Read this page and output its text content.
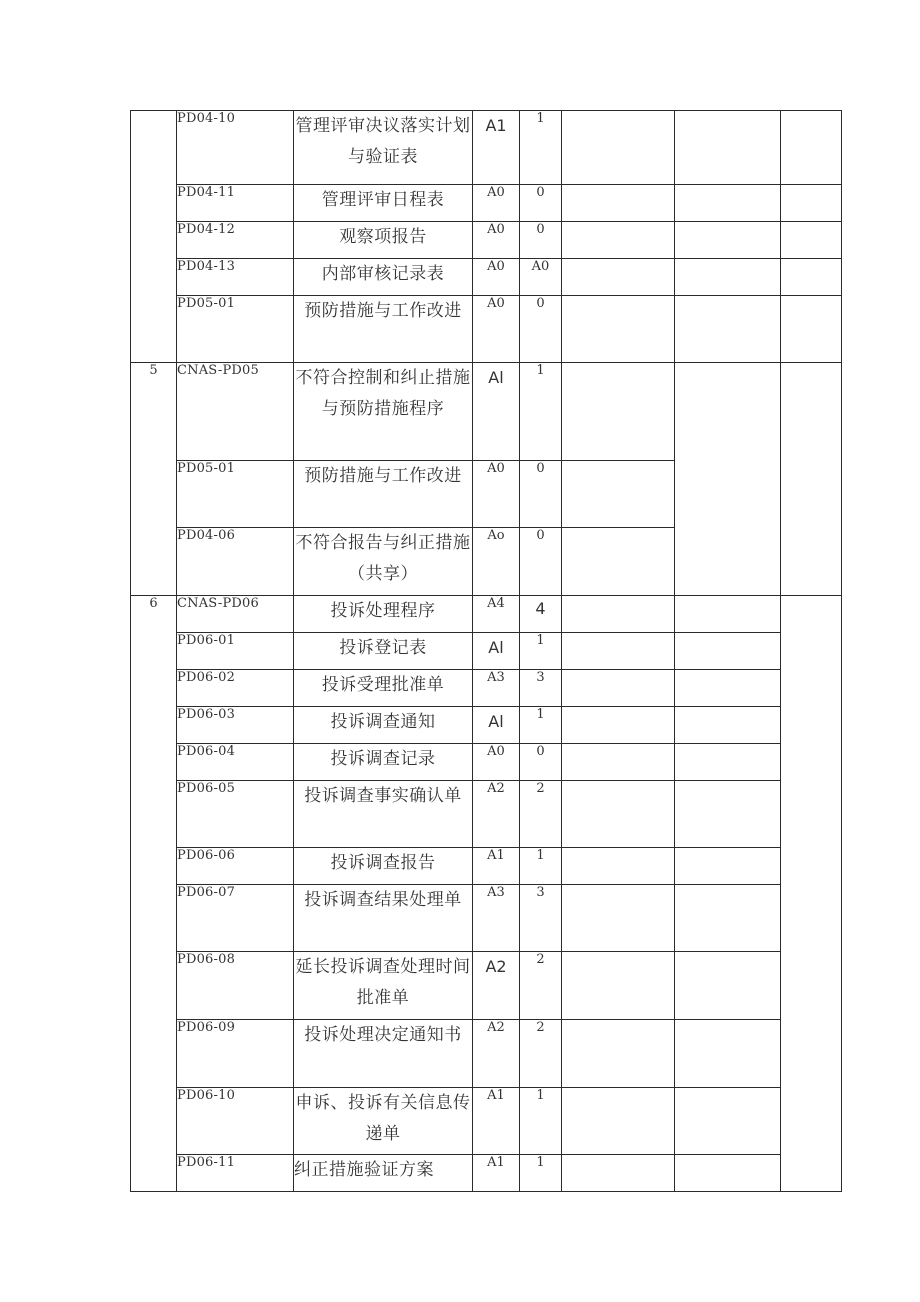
	PD04-10	管理评审决议落实计划与验证表	A1	1			
	PD04-11	管理评审日程表	A0	0			
	PD04-12	观察项报告	A0	0			
	PD04-13	内部审核记录表	A0	A0			
	PD05-01	预防措施与工作改进	A0	0			
5	CNAS-PD05	不符合控制和纠止措施与预防措施程序	Al	1			
	PD05-01	预防措施与工作改进	A0	0			
	PD04-06	不符合报告与纠正措施（共享）	Ao	0			
6	CNAS-PD06	投诉处理程序	A4	4			
	PD06-01	投诉登记表	Al	1			
	PD06-02	投诉受理批准单	A3	3			
	PD06-03	投诉调查通知	Al	1			
	PD06-04	投诉调查记录	A0	0			
	PD06-05	投诉调查事实确认单	A2	2			
	PD06-06	投诉调查报告	A1	1			
	PD06-07	投诉调查结果处理单	A3	3			
	PD06-08	延长投诉调查处理时间批准单	A2	2			
	PD06-09	投诉处理决定通知书	A2	2			
	PD06-10	申诉、投诉有关信息传递单	A1	1			
	PD06-11	纠正措施验证方案	A1	1			
